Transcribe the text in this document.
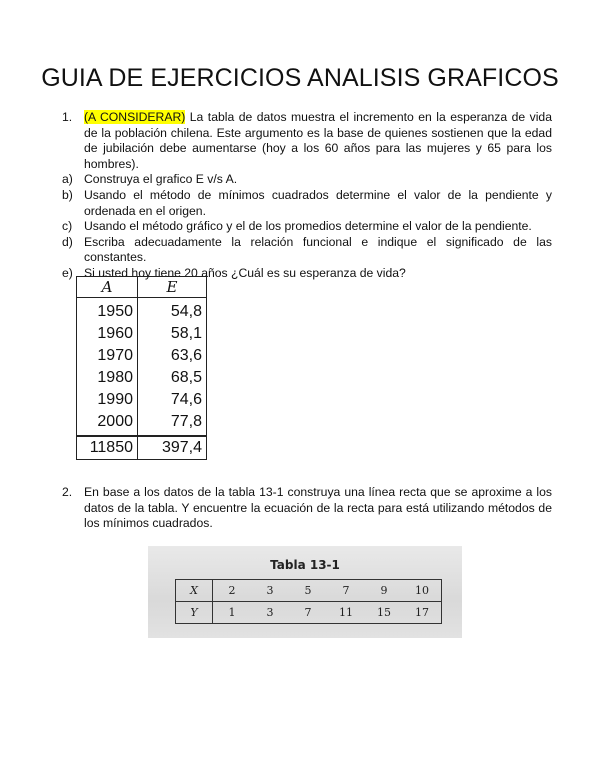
GUIA DE EJERCICIOS ANALISIS GRAFICOS
1. (A CONSIDERAR) La tabla de datos muestra el incremento en la esperanza de vida de la población chilena. Este argumento es la base de quienes sostienen que la edad de jubilación debe aumentarse (hoy a los 60 años para las mujeres y 65 para los hombres).
a) Construya el grafico E v/s A.
b) Usando el método de mínimos cuadrados determine el valor de la pendiente y ordenada en el origen.
c) Usando el método gráfico y el de los promedios determine el valor de la pendiente.
d) Escriba adecuadamente la relación funcional e indique el significado de las constantes.
e) Si usted hoy tiene 20 años ¿Cuál es su esperanza de vida?
A	E
1950	54,8
1960	58,1
1970	63,6
1980	68,5
1990	74,6
2000	77,8
11850	397,4
2. En base a los datos de la tabla 13-1 construya una línea recta que se aproxime a los datos de la tabla. Y encuentre la ecuación de la recta para está utilizando métodos de los mínimos cuadrados.
Tabla 13-1
X	2	3	5	7	9	10
Y	1	3	7	11	15	17
